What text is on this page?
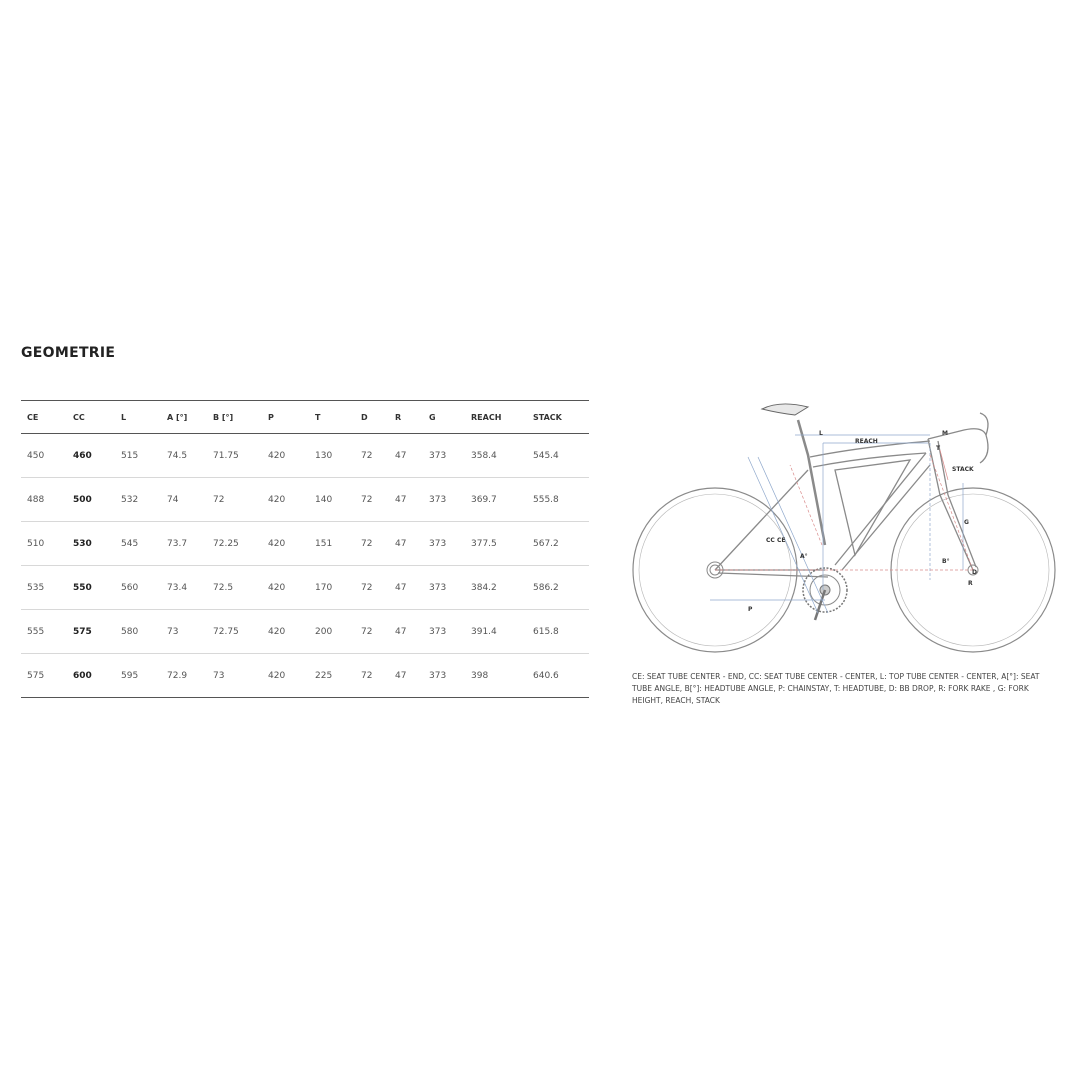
GEOMETRIE
CE	CC	L	A [°]	B [°]	P	T	D	R	G	REACH	STACK
450	460	515	74.5	71.75	420	130	72	47	373	358.4	545.4
488	500	532	74	72	420	140	72	47	373	369.7	555.8
510	530	545	73.7	72.25	420	151	72	47	373	377.5	567.2
535	550	560	73.4	72.5	420	170	72	47	373	384.2	586.2
555	575	580	73	72.75	420	200	72	47	373	391.4	615.8
575	600	595	72.9	73	420	225	72	47	373	398	640.6
L
REACH
M
T
STACK
G
CC CE
A°
B°
D
R
P

CE: SEAT TUBE CENTER - END, CC: SEAT TUBE CENTER - CENTER, L: TOP TUBE CENTER - CENTER, A[°]: SEAT TUBE ANGLE, B[°]: HEADTUBE ANGLE, P: CHAINSTAY, T: HEADTUBE, D: BB DROP, R: FORK RAKE , G: FORK HEIGHT, REACH, STACK
